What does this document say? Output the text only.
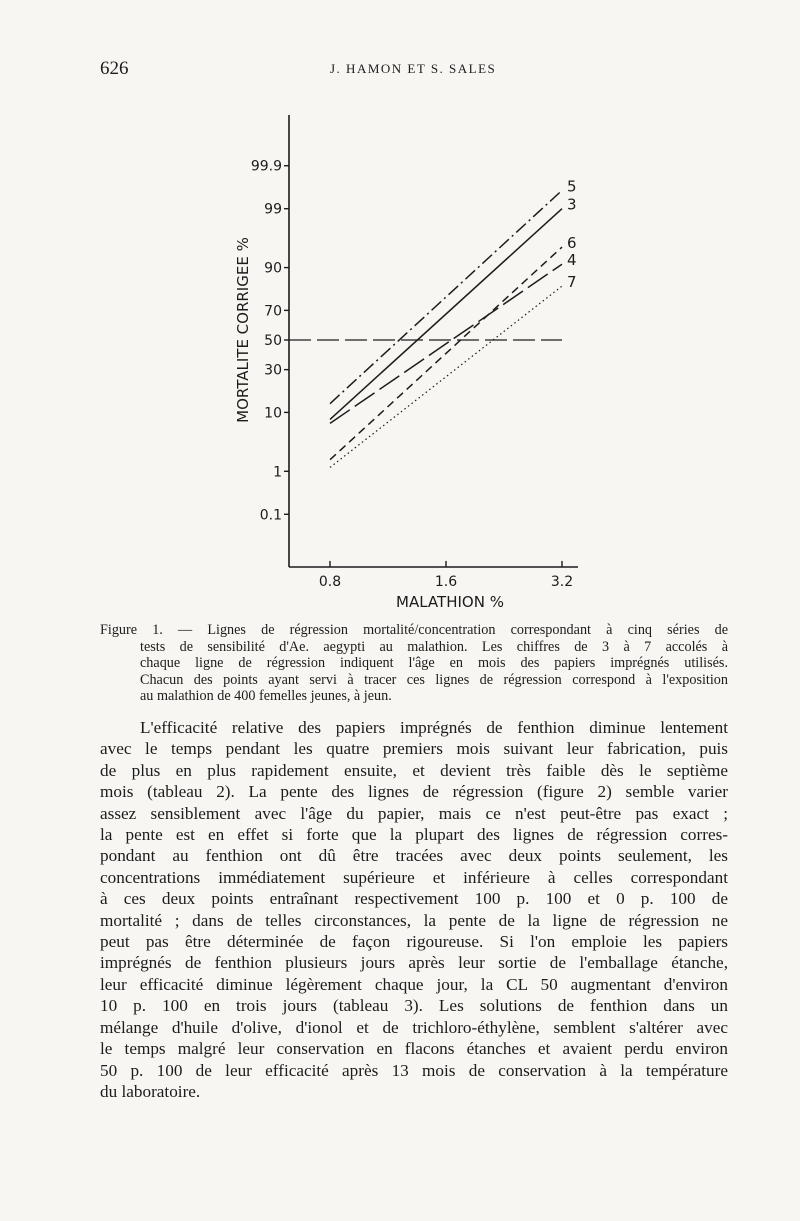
626	J. HAMON ET S. SALES
0.1
1
10
30
50
70
90
99
99.9
0.8	1.6	3.2
5
3
6
4
7
MALATHION %
MORTALITE CORRIGEE %
Figure 1. — Lignes de régression mortalité/concentration correspondant à cinq séries de
tests de sensibilité d'Ae. aegypti au malathion. Les chiffres de 3 à 7 accolés à
chaque ligne de régression indiquent l'âge en mois des papiers imprégnés utilisés.
Chacun des points ayant servi à tracer ces lignes de régression correspond à l'exposition
au malathion de 400 femelles jeunes, à jeun.
L'efficacité relative des papiers imprégnés de fenthion diminue lentement
avec le temps pendant les quatre premiers mois suivant leur fabrication, puis
de plus en plus rapidement ensuite, et devient très faible dès le septième
mois (tableau 2). La pente des lignes de régression (figure 2) semble varier
assez sensiblement avec l'âge du papier, mais ce n'est peut-être pas exact ;
la pente est en effet si forte que la plupart des lignes de régression corres-
pondant au fenthion ont dû être tracées avec deux points seulement, les
concentrations immédiatement supérieure et inférieure à celles correspondant
à ces deux points entraînant respectivement 100 p. 100 et 0 p. 100 de
mortalité ; dans de telles circonstances, la pente de la ligne de régression ne
peut pas être déterminée de façon rigoureuse. Si l'on emploie les papiers
imprégnés de fenthion plusieurs jours après leur sortie de l'emballage étanche,
leur efficacité diminue légèrement chaque jour, la CL 50 augmentant d'environ
10 p. 100 en trois jours (tableau 3). Les solutions de fenthion dans un
mélange d'huile d'olive, d'ionol et de trichloro-éthylène, semblent s'altérer avec
le temps malgré leur conservation en flacons étanches et avaient perdu environ
50 p. 100 de leur efficacité après 13 mois de conservation à la température
du laboratoire.
